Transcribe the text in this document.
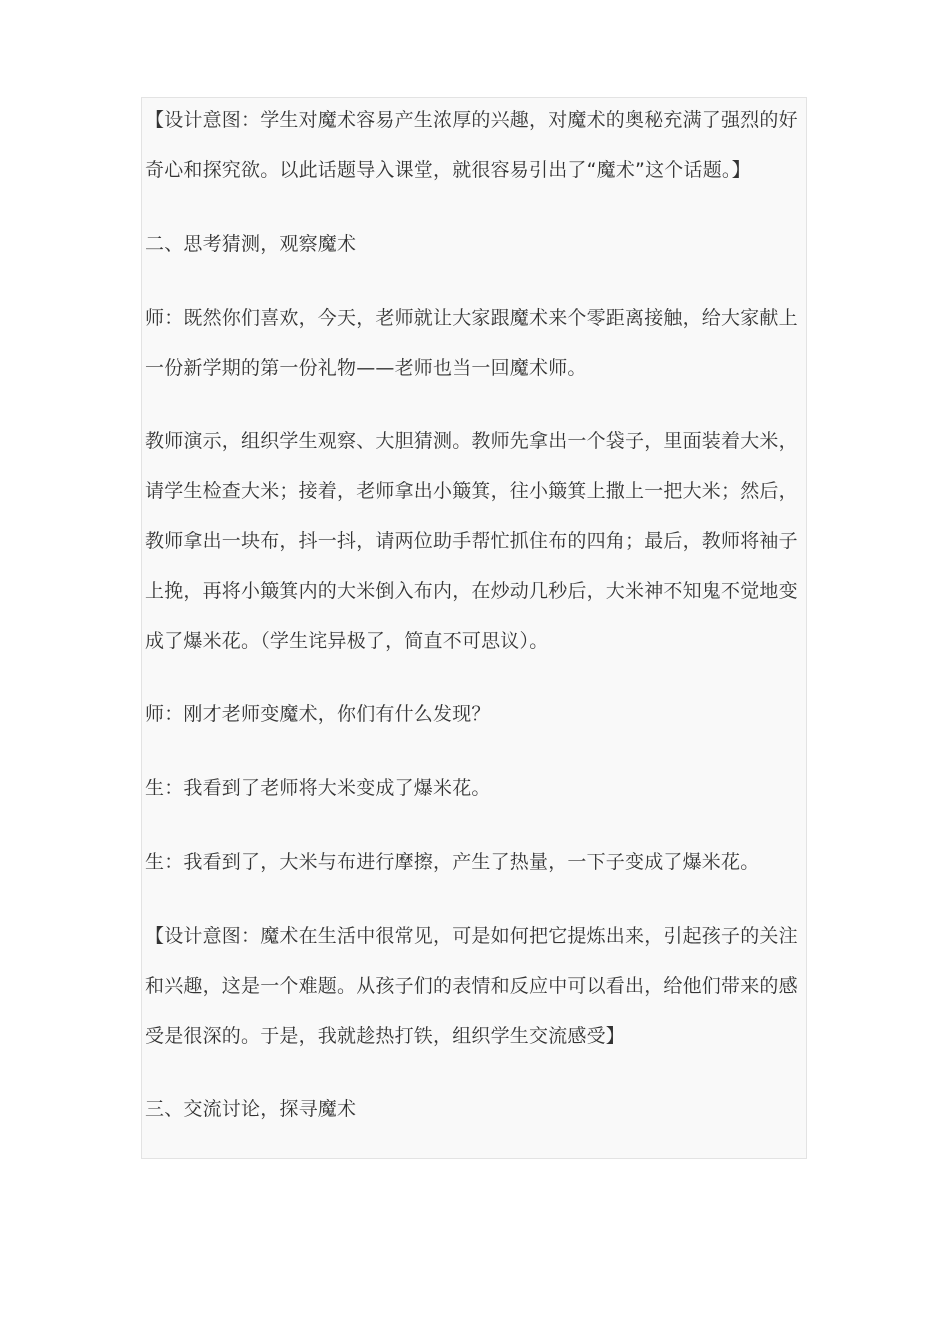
【设计意图：学生对魔术容易产生浓厚的兴趣，对魔术的奥秘充满了强烈的好奇心和探究欲。以此话题导入课堂，就很容易引出了“魔术”这个话题。】

二、思考猜测，观察魔术

师：既然你们喜欢，今天，老师就让大家跟魔术来个零距离接触，给大家献上一份新学期的第一份礼物——老师也当一回魔术师。

教师演示，组织学生观察、大胆猜测。教师先拿出一个袋子，里面装着大米，请学生检查大米；接着，老师拿出小簸箕，往小簸箕上撒上一把大米；然后，教师拿出一块布，抖一抖，请两位助手帮忙抓住布的四角；最后，教师将袖子上挽，再将小簸箕内的大米倒入布内，在炒动几秒后，大米神不知鬼不觉地变成了爆米花。（学生诧异极了，简直不可思议）。

师：刚才老师变魔术，你们有什么发现？

生：我看到了老师将大米变成了爆米花。

生：我看到了，大米与布进行摩擦，产生了热量，一下子变成了爆米花。

【设计意图：魔术在生活中很常见，可是如何把它提炼出来，引起孩子的关注和兴趣，这是一个难题。从孩子们的表情和反应中可以看出，给他们带来的感受是很深的。于是，我就趁热打铁，组织学生交流感受】

三、交流讨论，探寻魔术
